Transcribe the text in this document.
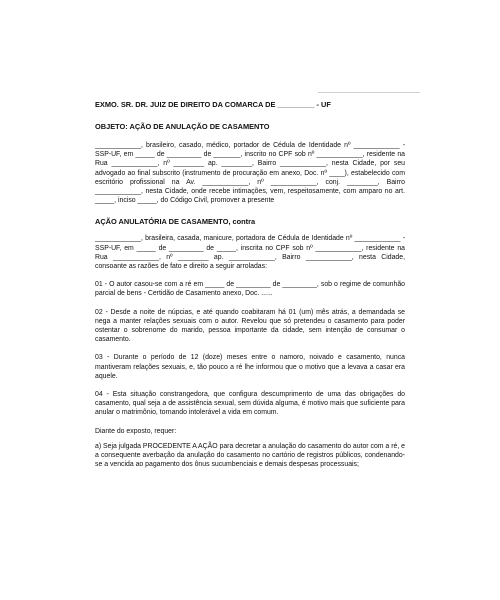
EXMO. SR. DR. JUIZ DE DIREITO DA COMARCA DE _________ - UF

OBJETO: AÇÃO DE ANULAÇÃO DE CASAMENTO

____________, brasileiro, casado, médico, portador de Cédula de Identidade nº ____________ - SSP-UF, em _____ de _________ de _______, inscrito no CPF sob nº ____________, residente na Rua ____________, nº ________ ap. ________, Bairro ____________, nesta Cidade, por seu advogado ao final subscrito (instrumento de procuração em anexo, Doc. nº ____), estabelecido com escritório profissional na Av. ____________, nº ____________, conj. ________, Bairro ____________, nesta Cidade, onde recebe intimações, vem, respeitosamente, com amparo no art. _____, inciso _____, do Código Civil, promover a presente

AÇÃO ANULATÓRIA DE CASAMENTO, contra

____________, brasileira, casada, manicure, portadora de Cédula de Identidade nº ____________ - SSP-UF, em _____ de _________ de _____, inscrita no CPF sob nº ____________, residente na Rua ____________, nº ________ ap. ____________, Bairro ____________, nesta Cidade, consoante as razões de fato e direito a seguir arroladas:

01 - O autor casou-se com a ré em _____ de _________ de _________, sob o regime de comunhão parcial de bens - Certidão de Casamento anexo, Doc. ......

02 - Desde a noite de núpcias, e até quando coabitaram há 01 (um) mês atrás, a demandada se nega a manter relações sexuais com o autor. Revelou que só pretendeu o casamento para poder ostentar o sobrenome do marido, pessoa importante da cidade, sem intenção de consumar o casamento.

03 - Durante o período de 12 (doze) meses entre o namoro, noivado e casamento, nunca mantiveram relações sexuais, e, tão pouco a ré lhe informou que o motivo que a levava a casar era aquele.

04 - Esta situação constrangedora, que configura descumprimento de uma das obrigações do casamento, qual seja a de assistência sexual, sem dúvida alguma, é motivo mais que suficiente para anular o matrimônio, tornando intolerável a vida em comum.

Diante do exposto, requer:

a) Seja julgada PROCEDENTE A AÇÃO para decretar a anulação do casamento do autor com a ré, e a consequente averbação da anulação do casamento no cartório de registros públicos, condenando-se a vencida ao pagamento dos ônus sucumbenciais e demais despesas processuais;
